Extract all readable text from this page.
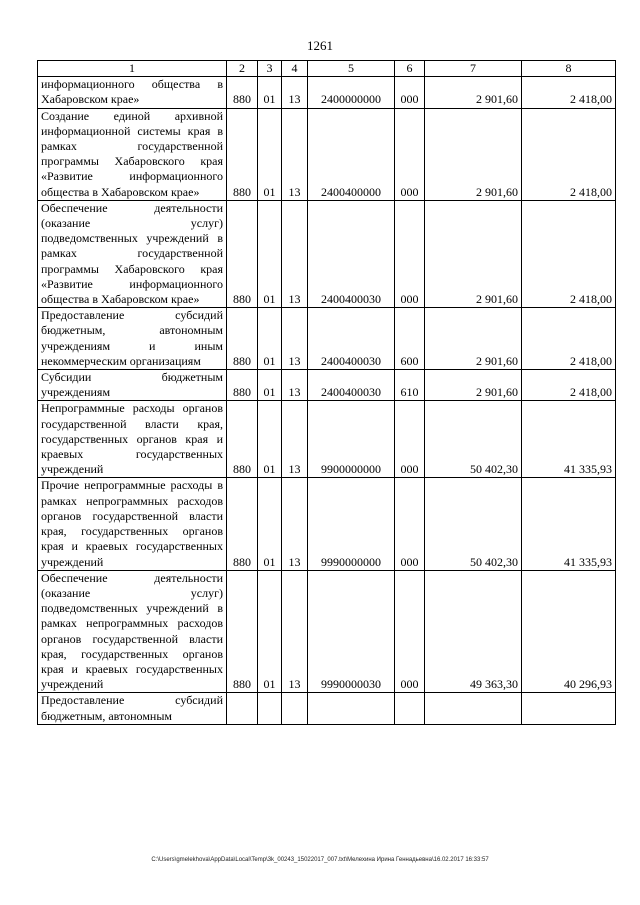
1261
1	2	3	4	5	6	7	8
информационного общества в Хабаровском крае»	880	01	13	2400000000	000	2 901,60	2 418,00
Создание единой архивной информационной системы края в рамках государственной программы Хабаровского края «Развитие информационного общества в Хабаровском крае»	880	01	13	2400400000	000	2 901,60	2 418,00
Обеспечение деятельности (оказание услуг) подведомственных учреждений в рамках государственной программы Хабаровского края «Развитие информационного общества в Хабаровском крае»	880	01	13	2400400030	000	2 901,60	2 418,00
Предоставление субсидий бюджетным, автономным учреждениям и иным некоммерческим организациям	880	01	13	2400400030	600	2 901,60	2 418,00
Субсидии бюджетным учреждениям	880	01	13	2400400030	610	2 901,60	2 418,00
Непрограммные расходы органов государственной власти края, государственных органов края и краевых государственных учреждений	880	01	13	9900000000	000	50 402,30	41 335,93
Прочие непрограммные расходы в рамках непрограммных расходов органов государственной власти края, государственных органов края и краевых государственных учреждений	880	01	13	9990000000	000	50 402,30	41 335,93
Обеспечение деятельности (оказание услуг) подведомственных учреждений в рамках непрограммных расходов органов государственной власти края, государственных органов края и краевых государственных учреждений	880	01	13	9990000030	000	49 363,30	40 296,93
Предоставление субсидий бюджетным, автономным							
C:\Users\gmelekhova\AppData\Local\Temp\3k_00243_15022017_007.txt\Мелехина Ирина Геннадьевна\16.02.2017 16:33:57
